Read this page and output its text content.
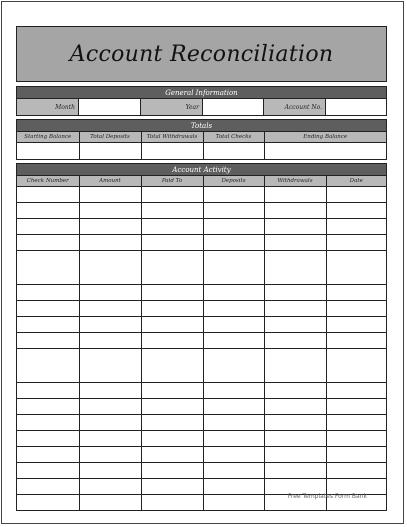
Account Reconciliation
General Information
Month	Year	Account No.
Totals
Starting Balance	Total Deposits	Total Withdrawals	Total Checks	Ending Balance

Account Activity
Check Number	Amount	Paid To	Deposits	Withdrawals	Date

Free Templates Form Bank
